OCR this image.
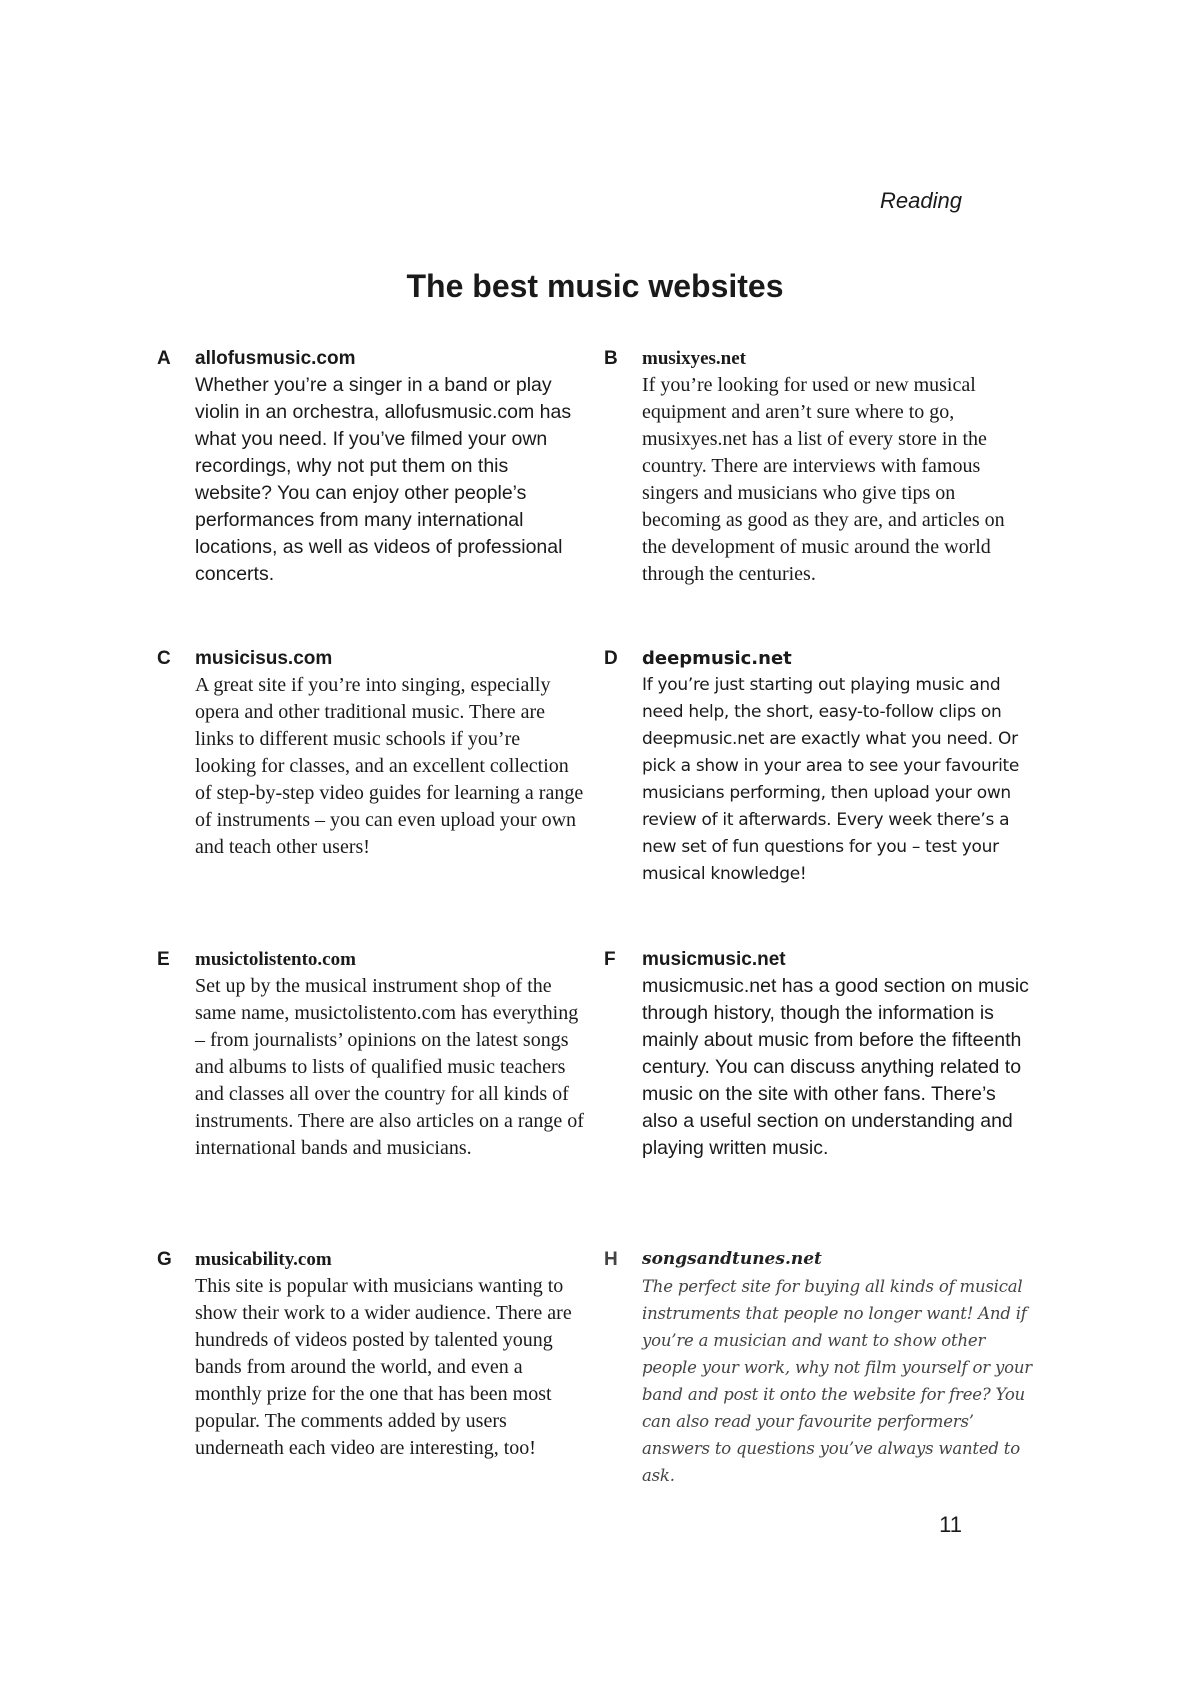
Reading

The best music websites
A allofusmusic.com

Whether you’re a singer in a band or play violin in an orchestra, allofusmusic.com has what you need. If you’ve filmed your own recordings, why not put them on this website? You can enjoy other people’s performances from many international locations, as well as videos of professional concerts.

B musixyes.net

If you’re looking for used or new musical equipment and aren’t sure where to go, musixyes.net has a list of every store in the country. There are interviews with famous singers and musicians who give tips on becoming as good as they are, and articles on the development of music around the world through the centuries.

C musicisus.com

A great site if you’re into singing, especially opera and other traditional music. There are links to different music schools if you’re looking for classes, and an excellent collection of step-by-step video guides for learning a range of instruments – you can even upload your own and teach other users!

D deepmusic.net

If you’re just starting out playing music and need help, the short, easy-to-follow clips on deepmusic.net are exactly what you need. Or pick a show in your area to see your favourite musicians performing, then upload your own review of it afterwards. Every week there’s a new set of fun questions for you – test your musical knowledge!

E musictolistento.com

Set up by the musical instrument shop of the same name, musictolistento.com has everything – from journalists’ opinions on the latest songs and albums to lists of qualified music teachers and classes all over the country for all kinds of instruments. There are also articles on a range of international bands and musicians.

F musicmusic.net

musicmusic.net has a good section on music through history, though the information is mainly about music from before the fifteenth century. You can discuss anything related to music on the site with other fans. There’s also a useful section on understanding and playing written music.

G musicability.com

This site is popular with musicians wanting to show their work to a wider audience. There are hundreds of videos posted by talented young bands from around the world, and even a monthly prize for the one that has been most popular. The comments added by users underneath each video are interesting, too!

H songsandtunes.net

The perfect site for buying all kinds of musical instruments that people no longer want! And if you’re a musician and want to show other people your work, why not film yourself or your band and post it onto the website for free? You can also read your favourite performers’ answers to questions you’ve always wanted to ask.

11
